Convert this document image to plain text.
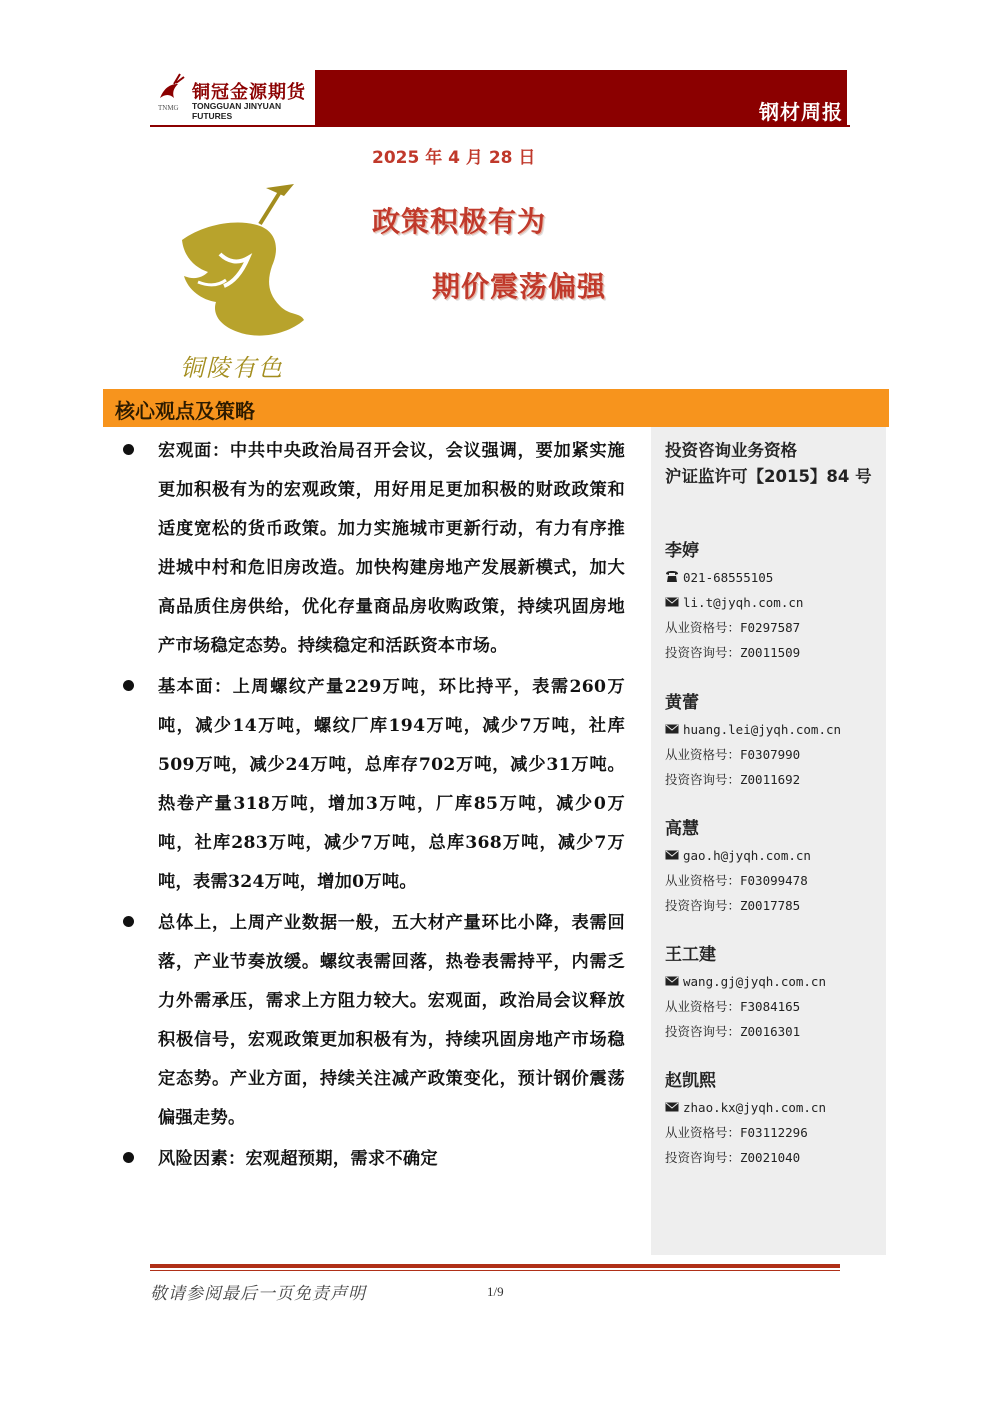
铜冠金源期货
TONGGUAN JINYUAN FUTURES
TNMG	钢材周报
2025 年 4 月 28 日
铜陵有色
政策积极有为
期价震荡偏强
核心观点及策略
宏观面：中共中央政治局召开会议，会议强调，要加紧实施更加积极有为的宏观政策，用好用足更加积极的财政政策和适度宽松的货币政策。加力实施城市更新行动，有力有序推进城中村和危旧房改造。加快构建房地产发展新模式，加大高品质住房供给，优化存量商品房收购政策，持续巩固房地产市场稳定态势。持续稳定和活跃资本市场。
基本面：上周螺纹产量229万吨，环比持平，表需260万吨，减少14万吨，螺纹厂库194万吨，减少7万吨，社库509万吨，减少24万吨，总库存702万吨，减少31万吨。热卷产量318万吨，增加3万吨，厂库85万吨，减少0万吨，社库283万吨，减少7万吨，总库368万吨，减少7万吨，表需324万吨，增加0万吨。
总体上，上周产业数据一般，五大材产量环比小降，表需回落，产业节奏放缓。螺纹表需回落，热卷表需持平，内需乏力外需承压，需求上方阻力较大。宏观面，政治局会议释放积极信号，宏观政策更加积极有为，持续巩固房地产市场稳定态势。产业方面，持续关注减产政策变化，预计钢价震荡偏强走势。
风险因素：宏观超预期，需求不确定
投资咨询业务资格
沪证监许可【2015】84 号
李婷
021-68555105
li.t@jyqh.com.cn
从业资格号：F0297587
投资咨询号：Z0011509
黄蕾
huang.lei@jyqh.com.cn
从业资格号：F0307990
投资咨询号：Z0011692
高慧
gao.h@jyqh.com.cn
从业资格号：F03099478
投资咨询号：Z0017785
王工建
wang.gj@jyqh.com.cn
从业资格号：F3084165
投资咨询号：Z0016301
赵凯熙
zhao.kx@jyqh.com.cn
从业资格号：F03112296
投资咨询号：Z0021040
敬请参阅最后一页免责声明	1/9
